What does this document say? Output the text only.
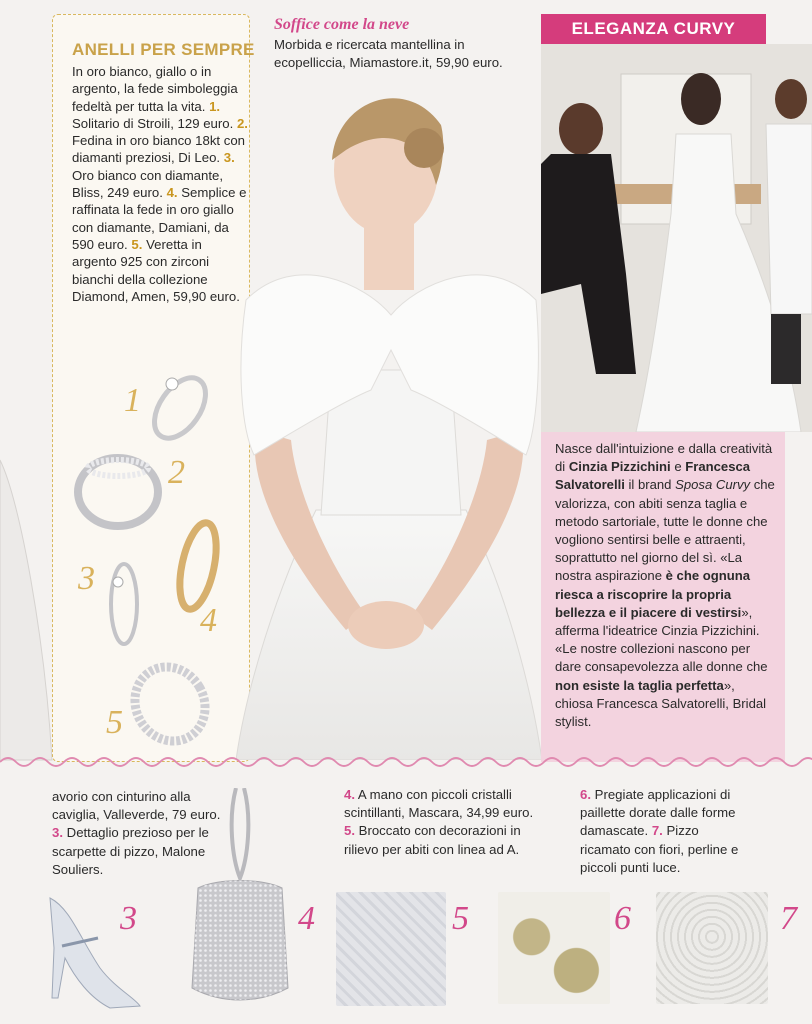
ANELLI PER SEMPRE
In oro bianco, giallo o in argento, la fede simboleggia fedeltà per tutta la vita. 1. Solitario di Stroili, 129 euro. 2. Fedina in oro bianco 18kt con diamanti preziosi, Di Leo. 3. Oro bianco con diamante, Bliss, 249 euro. 4. Semplice e raffinata la fede in oro giallo con diamante, Damiani, da 590 euro. 5. Veretta in argento 925 con zirconi bianchi della collezione Diamond, Amen, 59,90 euro.
1
2
3
4
5
Soffice come la neve
Morbida e ricercata mantellina in ecopelliccia, Miamastore.it, 59,90 euro.
ELEGANZA CURVY
Nasce dall'intuizione e dalla creatività di Cinzia Pizzichini e Francesca Salvatorelli il brand Sposa Curvy che valorizza, con abiti senza taglia e metodo sartoriale, tutte le donne che vogliono sentirsi belle e attraenti, soprattutto nel giorno del sì. «La nostra aspirazione è che ognuna riesca a riscoprire la propria bellezza e il piacere di vestirsi», afferma l'ideatrice Cinzia Pizzichini. «Le nostre collezioni nascono per dare consapevolezza alle donne che non esiste la taglia perfetta», chiosa Francesca Salvatorelli, Bridal stylist.
avorio con cinturino alla caviglia, Valleverde, 79 euro. 3. Dettaglio prezioso per le scarpette di pizzo, Malone Souliers.
4. A mano con piccoli cristalli scintillanti, Mascara, 34,99 euro. 5. Broccato con decorazioni in rilievo per abiti con linea ad A.
6. Pregiate applicazioni di paillette dorate dalle forme damascate. 7. Pizzo ricamato con fiori, perline e piccoli punti luce.
3	4	5	6	7
